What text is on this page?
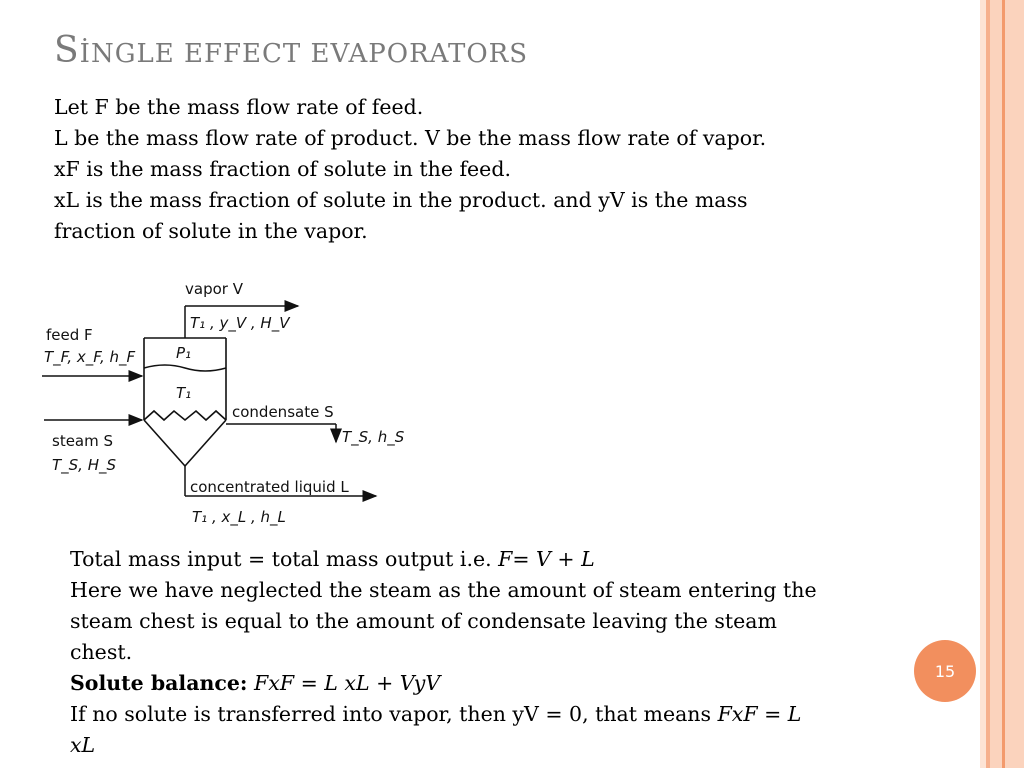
SİNGLE EFFECT EVAPORATORS
Let F be the mass flow rate of feed.
L be the mass flow rate of product. V be the mass flow rate of vapor.
xF is the mass fraction of solute in the feed.
xL is the mass fraction of solute in the product. and yV is the mass
fraction of solute in the vapor.
vapor V
T₁ , y_V , H_V
feed F
T_F, x_F, h_F	P₁
T₁
condensate S
T_S, h_S
steam S
T_S, H_S
concentrated liquid L
T₁ , x_L , h_L
Total mass input = total mass output i.e. F= V + L
Here we have neglected the steam as the amount of steam entering the
steam chest is equal to the amount of condensate leaving the steam
chest.
Solute balance: FxF = L xL + VyV
If no solute is transferred into vapor, then yV = 0, that means FxF = L
xL
15
